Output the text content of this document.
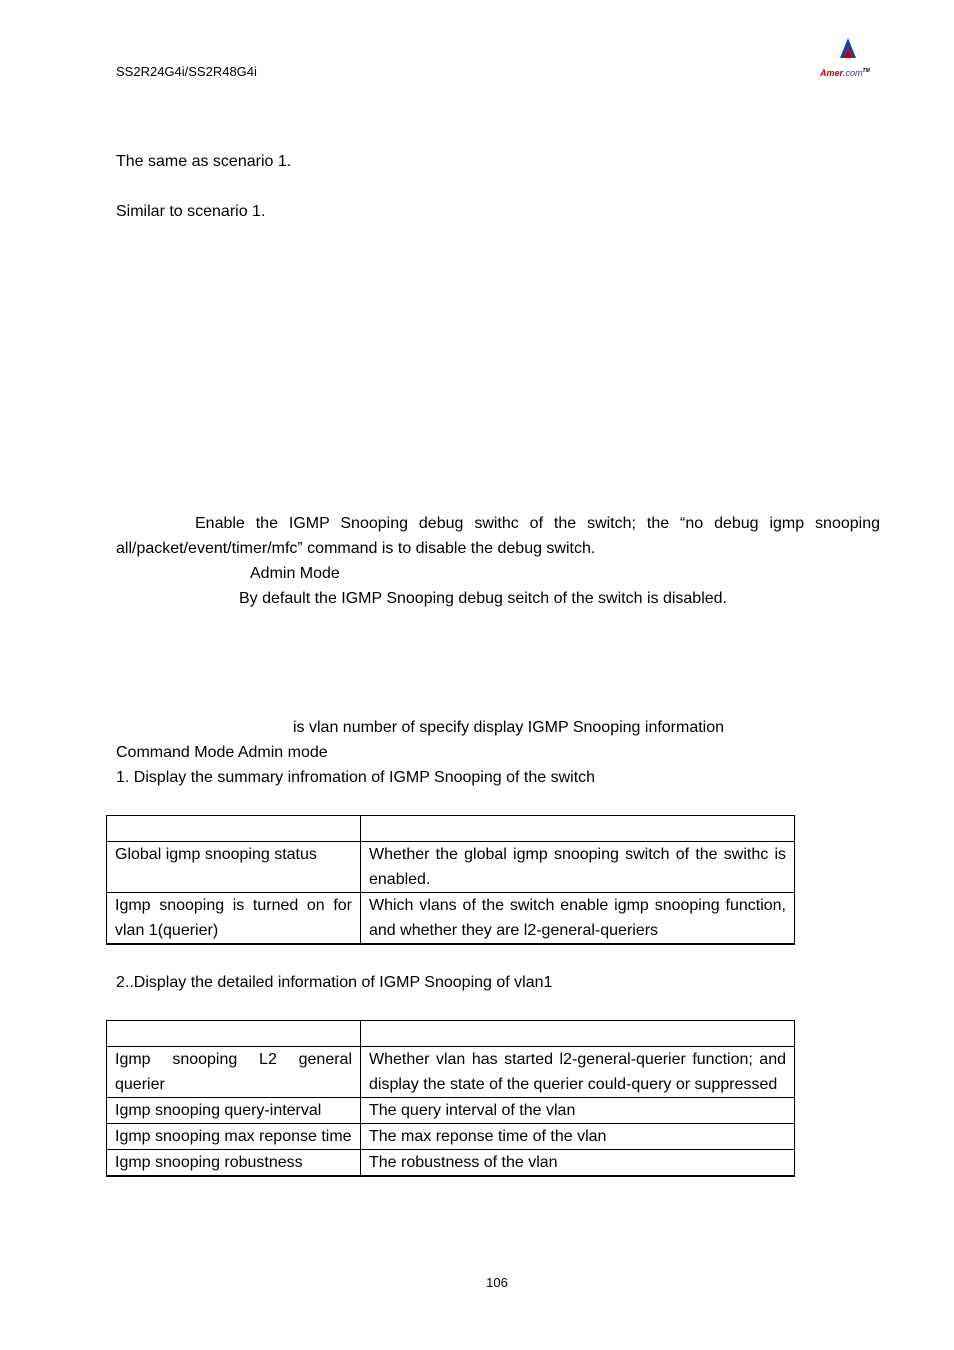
SS2R24G4i/SS2R48G4i	Amer.com™
The same as scenario 1.
Similar to scenario 1.
Enable the IGMP Snooping debug swithc of the switch; the “no debug igmp snooping all/packet/event/timer/mfc” command is to disable the debug switch.
Admin Mode
By default the IGMP Snooping debug seitch of the switch is disabled.
is vlan number of specify display IGMP Snooping information
Command Mode Admin mode
1. Display the summary infromation of IGMP Snooping of the switch

Global igmp snooping status	Whether the global igmp snooping switch of the swithc is enabled.
Igmp snooping is turned on for vlan 1(querier)	Which vlans of the switch enable igmp snooping function, and whether they are l2-general-queriers
2..Display the detailed information of IGMP Snooping of vlan1

Igmp snooping L2 general querier	Whether vlan has started l2-general-querier function; and display the state of the querier could-query or suppressed
Igmp snooping query-interval	The query interval of the vlan
Igmp snooping max reponse time	The max reponse time of the vlan
Igmp snooping robustness	The robustness of the vlan
106
